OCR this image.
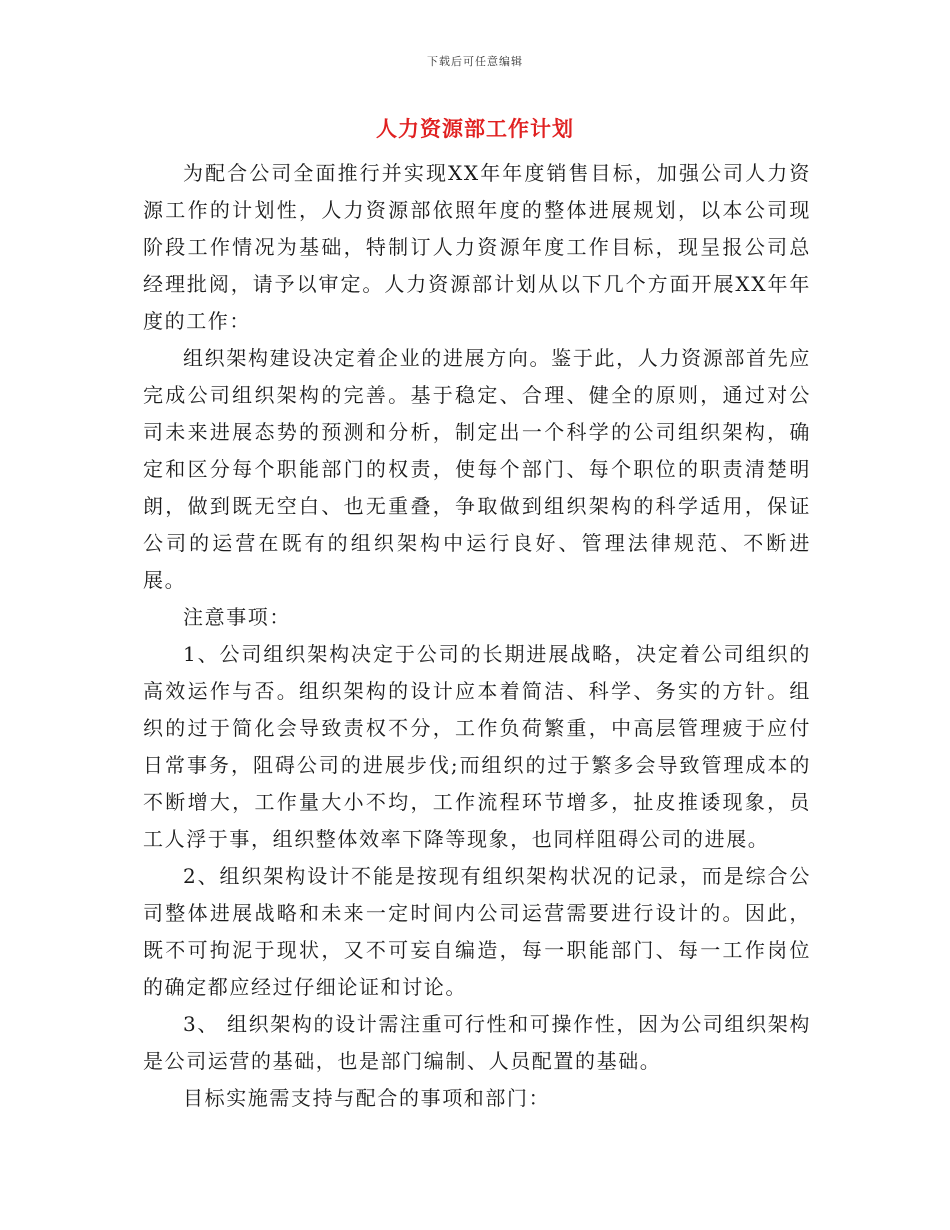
下载后可任意编辑
人力资源部工作计划

为配合公司全面推行并实现XX年年度销售目标，加强公司人力资源工作的计划性，人力资源部依照年度的整体进展规划，以本公司现阶段工作情况为基础，特制订人力资源年度工作目标，现呈报公司总经理批阅，请予以审定。人力资源部计划从以下几个方面开展XX年年度的工作：

组织架构建设决定着企业的进展方向。鉴于此，人力资源部首先应完成公司组织架构的完善。基于稳定、合理、健全的原则，通过对公司未来进展态势的预测和分析，制定出一个科学的公司组织架构，确定和区分每个职能部门的权责，使每个部门、每个职位的职责清楚明朗，做到既无空白、也无重叠，争取做到组织架构的科学适用，保证公司的运营在既有的组织架构中运行良好、管理法律规范、不断进展。

注意事项：

1、公司组织架构决定于公司的长期进展战略，决定着公司组织的高效运作与否。组织架构的设计应本着简洁、科学、务实的方针。组织的过于简化会导致责权不分，工作负荷繁重，中高层管理疲于应付日常事务，阻碍公司的进展步伐;而组织的过于繁多会导致管理成本的不断增大，工作量大小不均，工作流程环节增多，扯皮推诿现象，员工人浮于事，组织整体效率下降等现象，也同样阻碍公司的进展。

2、组织架构设计不能是按现有组织架构状况的记录，而是综合公司整体进展战略和未来一定时间内公司运营需要进行设计的。因此，既不可拘泥于现状，又不可妄自编造，每一职能部门、每一工作岗位的确定都应经过仔细论证和讨论。

3、 组织架构的设计需注重可行性和可操作性，因为公司组织架构是公司运营的基础，也是部门编制、人员配置的基础。

目标实施需支持与配合的事项和部门：
